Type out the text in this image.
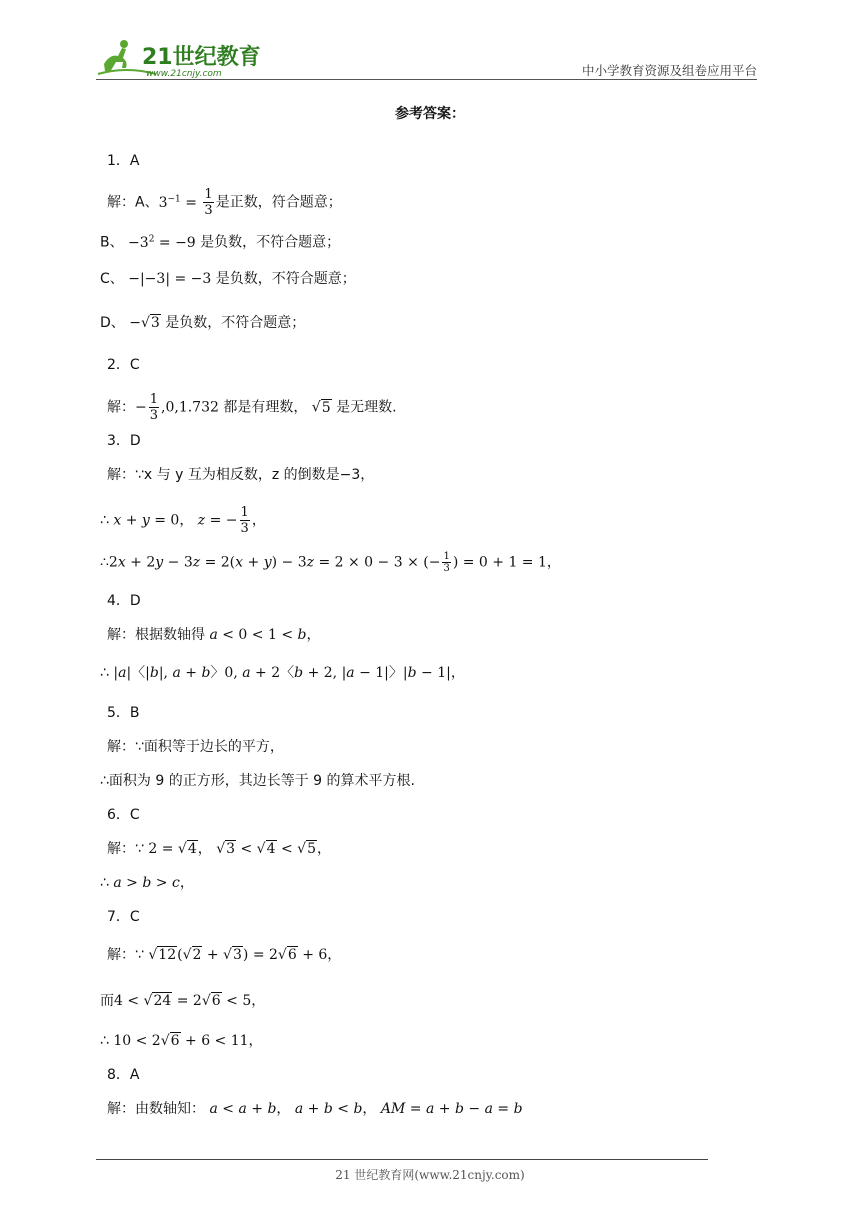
21世纪教育
www.21cnjy.com	中小学教育资源及组卷应用平台
参考答案：
1．A
解：A、$3^{-1} = \frac{1}{3}$ 是正数，符合题意；
B、 $-3^2 = -9$ 是负数，不符合题意；
C、 −|−3| = −3 是负数，不符合题意；
D、 −√3 是负数，不符合题意；
2．C
解：− $\frac{1}{3} ,0,1.732$ 都是有理数， √5 是无理数.
3．D
解：∵x 与 y 互为相反数，z 的倒数是−3，
∴ x + y = 0， z = − $\frac{1}{3}$ ，
∴2x + 2y − 3z = 2(x + y) − 3z = 2 × 0 − 3 × (− $\frac{1}{3}$ ) = 0 + 1 = 1，
4．D
解：根据数轴得 a < 0 < 1 < b，
∴ |a|〈|b|, a + b〉0, a + 2〈b + 2, |a − 1|〉|b − 1|，
5．B
解：∵面积等于边长的平方，
∴面积为 9 的正方形，其边长等于 9 的算术平方根.
6．C
解：∵ 2 = √4， √3 < √4 < √5，
∴ a > b > c，
7．C
解：∵ √12(√2 + √3) = 2√6 + 6，
而4 < √24 = 2√6 < 5，
∴ 10 < 2√6 + 6 < 11，
8．A
解：由数轴知： a < a + b， a + b < b， AM = a + b − a = b
21 世纪教育网(www.21cnjy.com)
